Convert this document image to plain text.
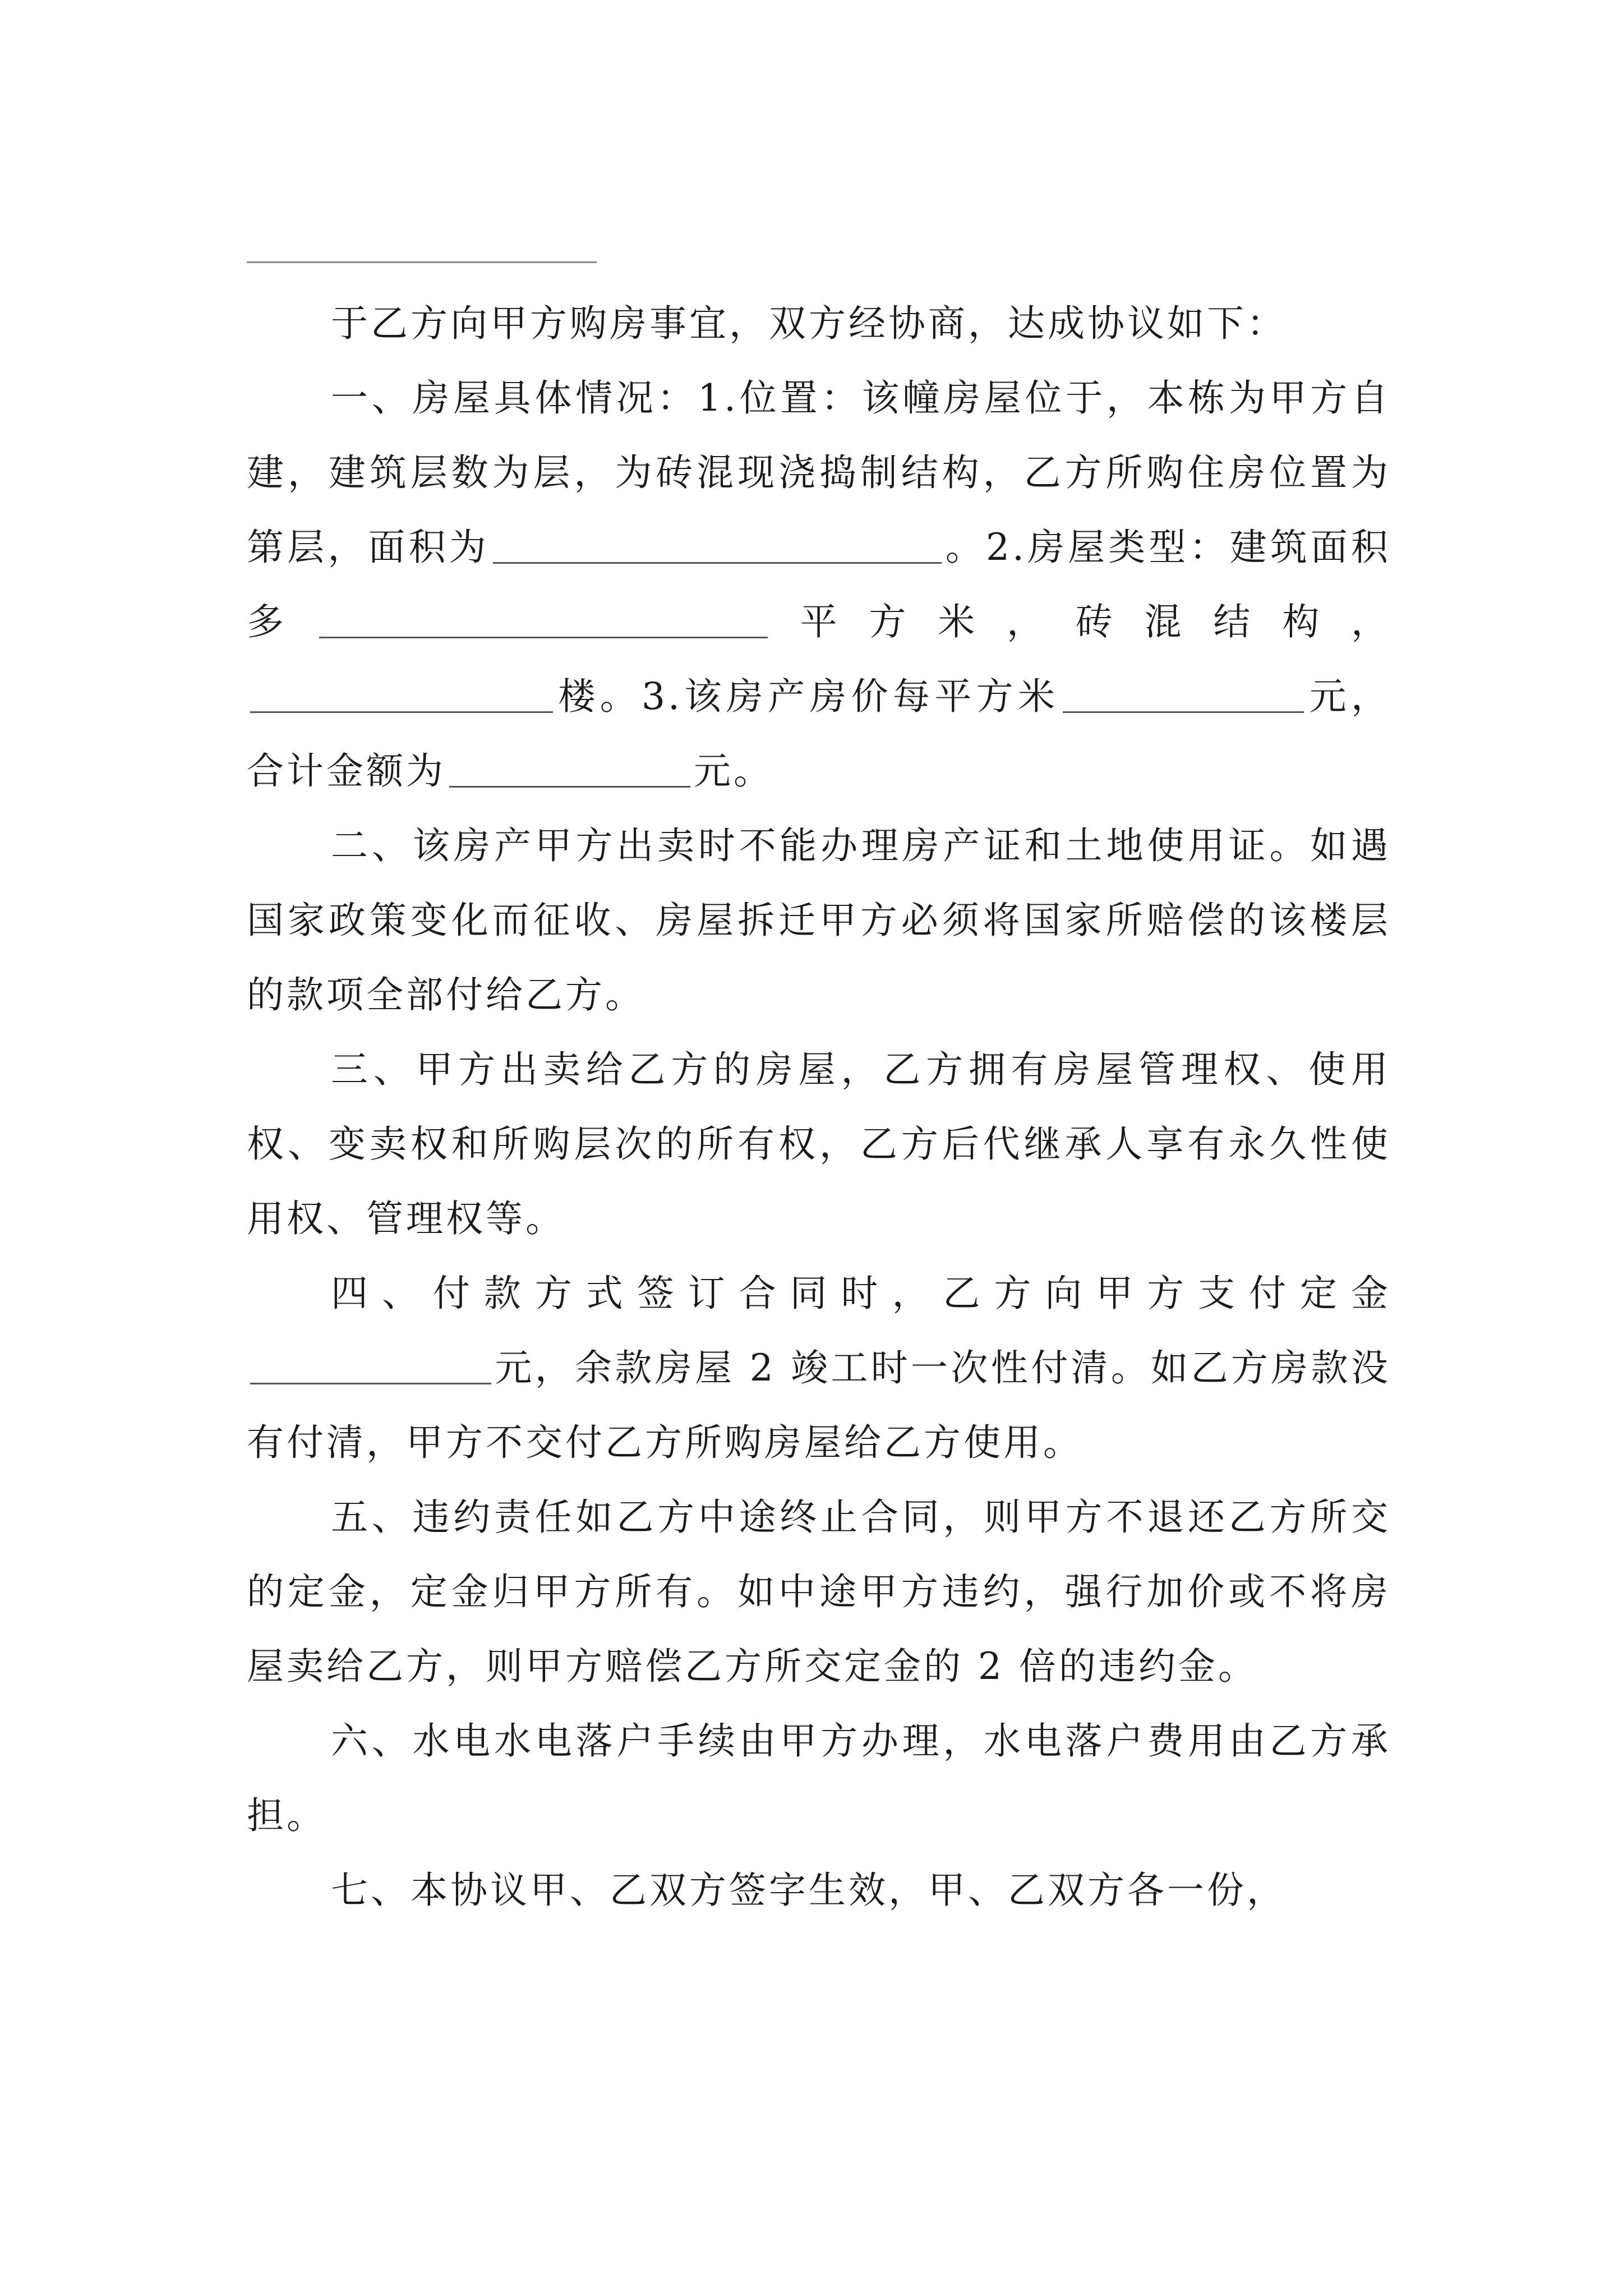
于乙方向甲方购房事宜，双方经协商，达成协议如下：

一、房屋具体情况：1.位置：该幢房屋位于，本栋为甲方自建，建筑层数为层，为砖混现浇捣制结构，乙方所购住房位置为第层，面积为	。2.房屋类型：建筑面积多	平方米，砖混结构，楼。3.该房产房价每平方米	元，合计金额为	元。

二、该房产甲方出卖时不能办理房产证和土地使用证。如遇国家政策变化而征收、房屋拆迁甲方必须将国家所赔偿的该楼层的款项全部付给乙方。

三、甲方出卖给乙方的房屋，乙方拥有房屋管理权、使用权、变卖权和所购层次的所有权，乙方后代继承人享有永久性使用权、管理权等。

四、付款方式签订合同时，乙方向甲方支付定金元，余款房屋 2 竣工时一次性付清。如乙方房款没有付清，甲方不交付乙方所购房屋给乙方使用。

五、违约责任如乙方中途终止合同，则甲方不退还乙方所交的定金，定金归甲方所有。如中途甲方违约，强行加价或不将房屋卖给乙方，则甲方赔偿乙方所交定金的 2 倍的违约金。

六、水电水电落户手续由甲方办理，水电落户费用由乙方承担。

七、本协议甲、乙双方签字生效，甲、乙双方各一份，
